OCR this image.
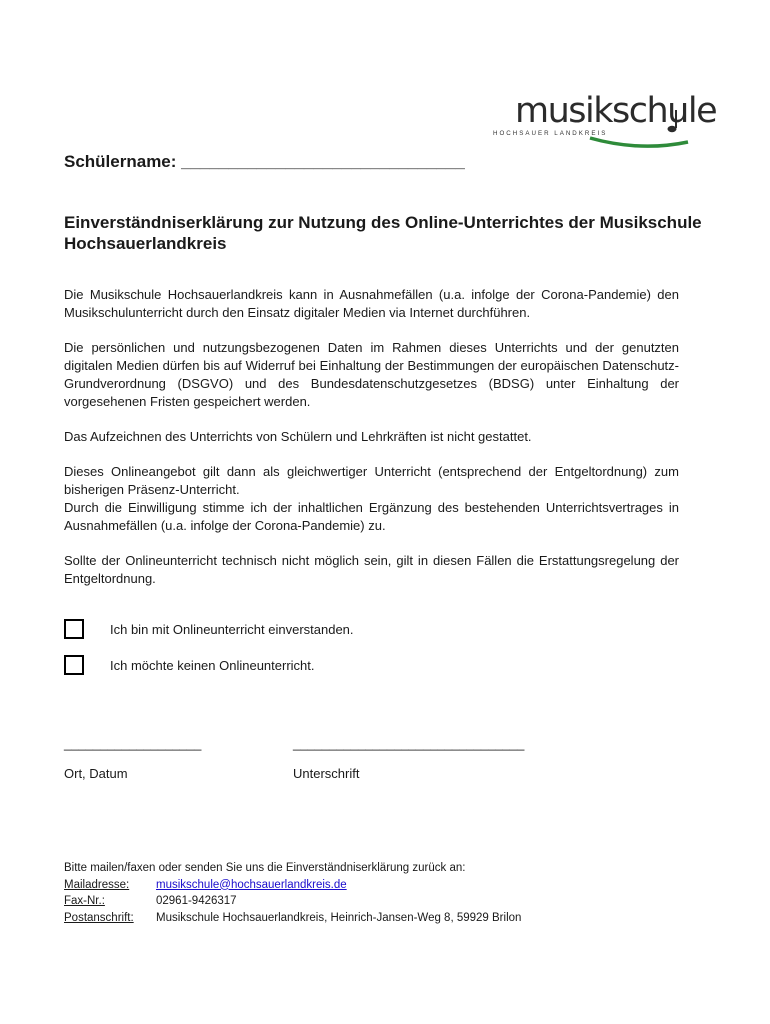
musikschule
HOCHSAUER LANDKREIS
Schülername: ______________________________
Einverständniserklärung zur Nutzung des Online-Unterrichtes der Musikschule Hochsauerlandkreis
Die Musikschule Hochsauerlandkreis kann in Ausnahmefällen (u.a. infolge der Corona-Pandemie) den Musikschulunterricht durch den Einsatz digitaler Medien via Internet durchführen.
Die persönlichen und nutzungsbezogenen Daten im Rahmen dieses Unterrichts und der genutzten digitalen Medien dürfen bis auf Widerruf bei Einhaltung der Bestimmungen der europäischen Datenschutz-Grundverordnung (DSGVO) und des Bundesdatenschutzgesetzes (BDSG) unter Einhaltung der vorgesehenen Fristen gespeichert werden.
Das Aufzeichnen des Unterrichts von Schülern und Lehrkräften ist nicht gestattet.
Dieses Onlineangebot gilt dann als gleichwertiger Unterricht (entsprechend der Entgeltordnung) zum bisherigen Präsenz-Unterricht.
Durch die Einwilligung stimme ich der inhaltlichen Ergänzung des bestehenden Unterrichtsvertrages in Ausnahmefällen (u.a. infolge der Corona-Pandemie) zu.
Sollte der Onlineunterricht technisch nicht möglich sein, gilt in diesen Fällen die Erstattungsregelung der Entgeltordnung.
Ich bin mit Onlineunterricht einverstanden.
Ich möchte keinen Onlineunterricht.
___________________	________________________________
Ort, Datum	Unterschrift
Bitte mailen/faxen oder senden Sie uns die Einverständniserklärung zurück an:
Mailadresse:	musikschule@hochsauerlandkreis.de
Fax-Nr.:	02961-9426317
Postanschrift:	Musikschule Hochsauerlandkreis, Heinrich-Jansen-Weg 8, 59929 Brilon
